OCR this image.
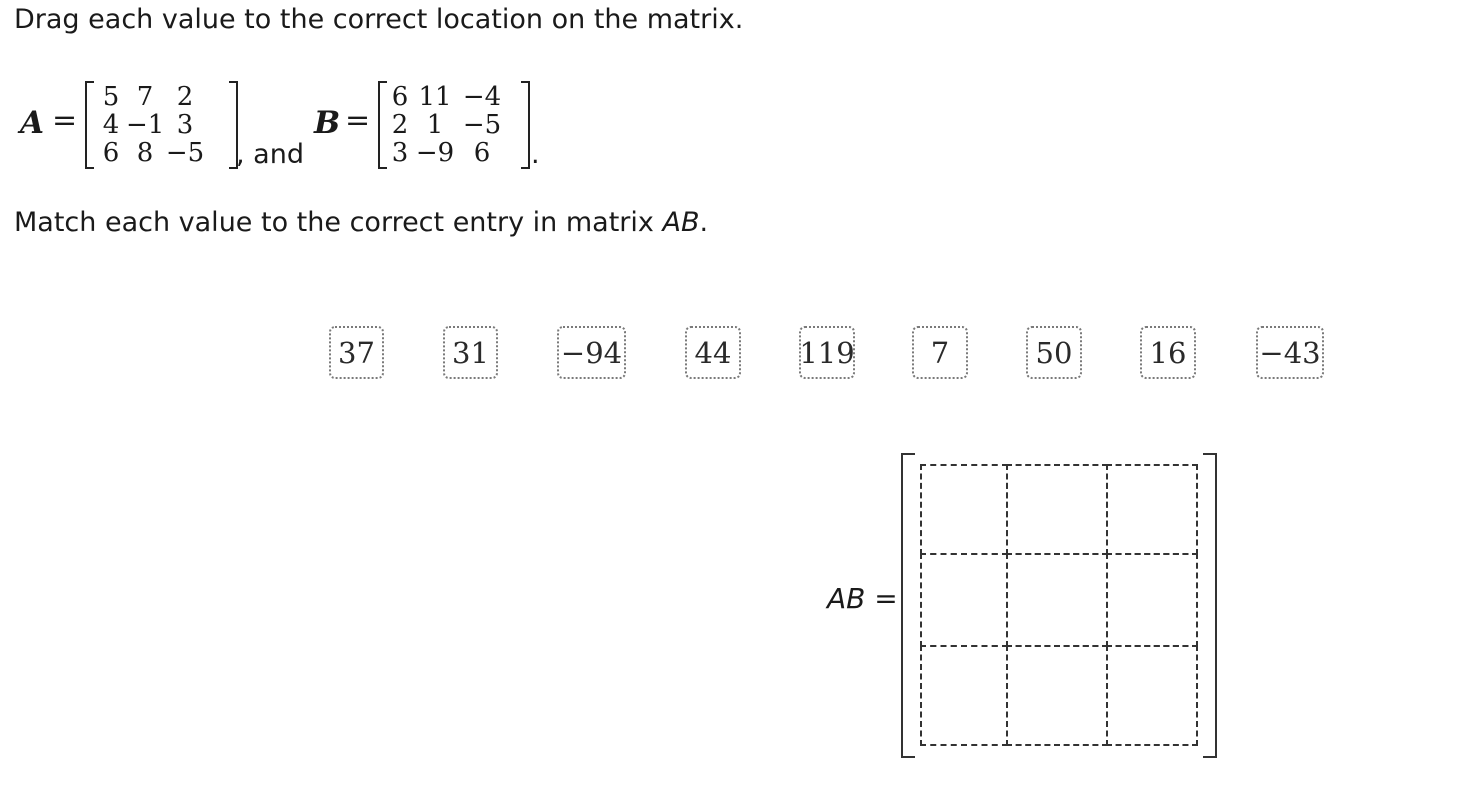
Drag each value to the correct location on the matrix.
A =
5 7 2
4 −1 3
6 8 −5 , and
B =
6 11 −4
2 1 −5
3 −9 6	.
Match each value to the correct entry in matrix AB.
37	31	−94	44	119	7	50	16	−43
AB =
